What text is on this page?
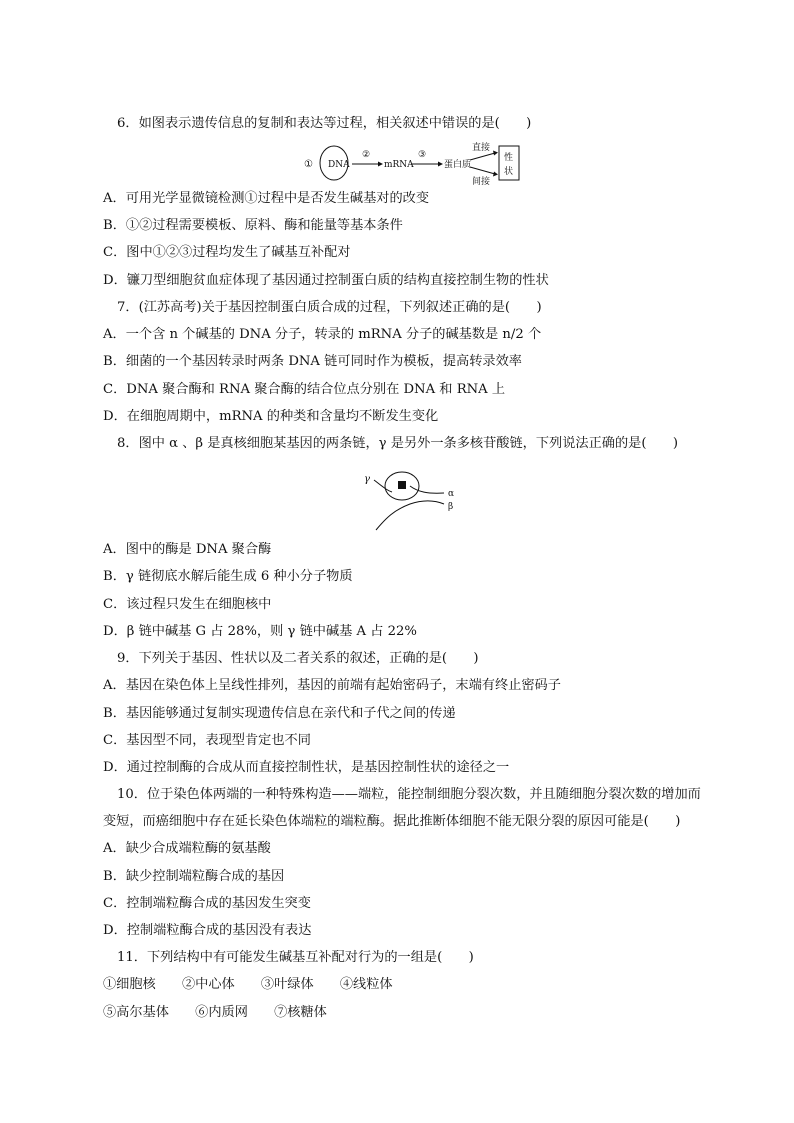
6．如图表示遗传信息的复制和表达等过程，相关叙述中错误的是(　　)
① DNA
②
mRNA
③
蛋白质
直接
间接
性
状
A．可用光学显微镜检测①过程中是否发生碱基对的改变
B．①②过程需要模板、原料、酶和能量等基本条件
C．图中①②③过程均发生了碱基互补配对
D．镰刀型细胞贫血症体现了基因通过控制蛋白质的结构直接控制生物的性状
7．(江苏高考)关于基因控制蛋白质合成的过程，下列叙述正确的是(　　)
A．一个含 n 个碱基的 DNA 分子，转录的 mRNA 分子的碱基数是 n/2 个
B．细菌的一个基因转录时两条 DNA 链可同时作为模板，提高转录效率
C．DNA 聚合酶和 RNA 聚合酶的结合位点分别在 DNA 和 RNA 上
D．在细胞周期中，mRNA 的种类和含量均不断发生变化
8．图中 α 、β 是真核细胞某基因的两条链，γ 是另外一条多核苷酸链，下列说法正确的是(　　)
γ
α
β
A．图中的酶是 DNA 聚合酶
B．γ 链彻底水解后能生成 6 种小分子物质
C．该过程只发生在细胞核中
D．β 链中碱基 G 占 28%，则 γ 链中碱基 A 占 22%
9．下列关于基因、性状以及二者关系的叙述，正确的是(　　)
A．基因在染色体上呈线性排列，基因的前端有起始密码子，末端有终止密码子
B．基因能够通过复制实现遗传信息在亲代和子代之间的传递
C．基因型不同，表现型肯定也不同
D．通过控制酶的合成从而直接控制性状，是基因控制性状的途径之一
10．位于染色体两端的一种特殊构造——端粒，能控制细胞分裂次数，并且随细胞分裂次数的增加而
变短，而癌细胞中存在延长染色体端粒的端粒酶。据此推断体细胞不能无限分裂的原因可能是(　　)
A．缺少合成端粒酶的氨基酸
B．缺少控制端粒酶合成的基因
C．控制端粒酶合成的基因发生突变
D．控制端粒酶合成的基因没有表达
11．下列结构中有可能发生碱基互补配对行为的一组是(　　)
①细胞核 ②中心体 ③叶绿体 ④线粒体
⑤高尔基体 ⑥内质网 ⑦核糖体
